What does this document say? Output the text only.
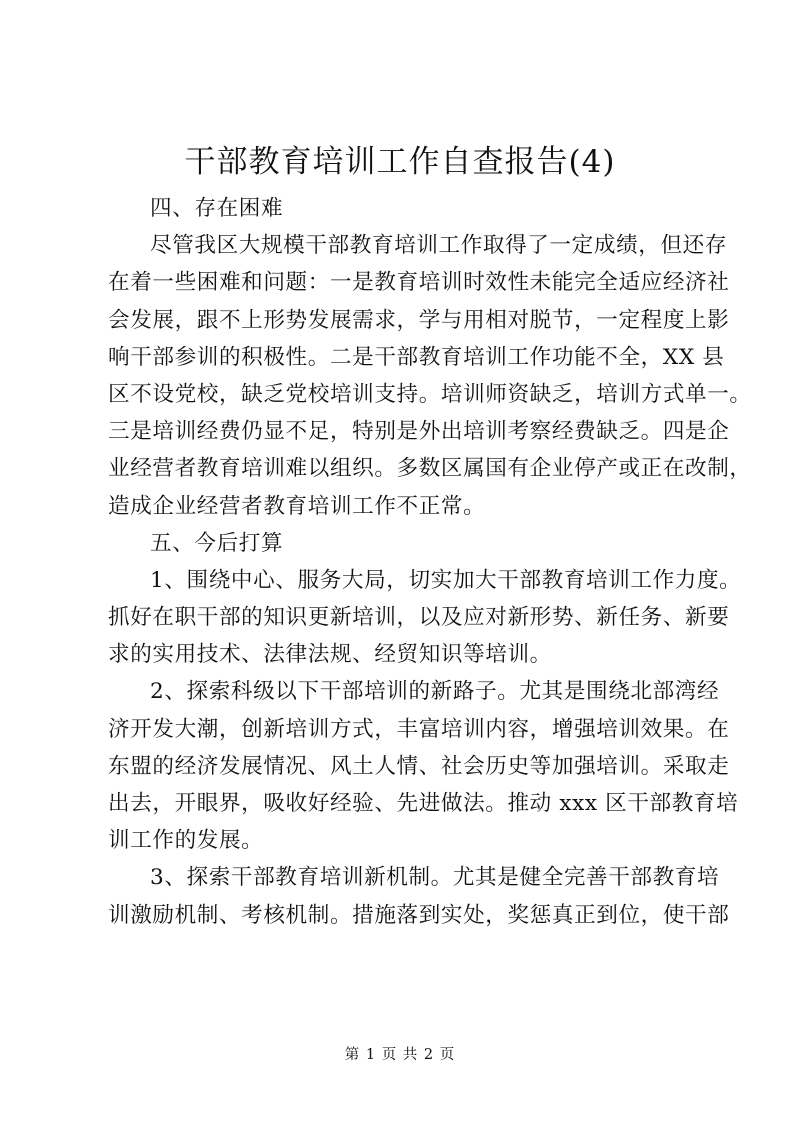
干部教育培训工作自查报告(4)
四、存在困难
尽管我区大规模干部教育培训工作取得了一定成绩，但还存
在着一些困难和问题：一是教育培训时效性未能完全适应经济社
会发展，跟不上形势发展需求，学与用相对脱节，一定程度上影
响干部参训的积极性。二是干部教育培训工作功能不全，XX 县
区不设党校，缺乏党校培训支持。培训师资缺乏，培训方式单一。
三是培训经费仍显不足，特别是外出培训考察经费缺乏。四是企
业经营者教育培训难以组织。多数区属国有企业停产或正在改制，
造成企业经营者教育培训工作不正常。
五、今后打算
1、围绕中心、服务大局，切实加大干部教育培训工作力度。
抓好在职干部的知识更新培训，以及应对新形势、新任务、新要
求的实用技术、法律法规、经贸知识等培训。
2、探索科级以下干部培训的新路子。尤其是围绕北部湾经
济开发大潮，创新培训方式，丰富培训内容，增强培训效果。在
东盟的经济发展情况、风土人情、社会历史等加强培训。采取走
出去，开眼界，吸收好经验、先进做法。推动 xxx 区干部教育培
训工作的发展。
3、探索干部教育培训新机制。尤其是健全完善干部教育培
训激励机制、考核机制。措施落到实处，奖惩真正到位，使干部
第 1 页 共 2 页
